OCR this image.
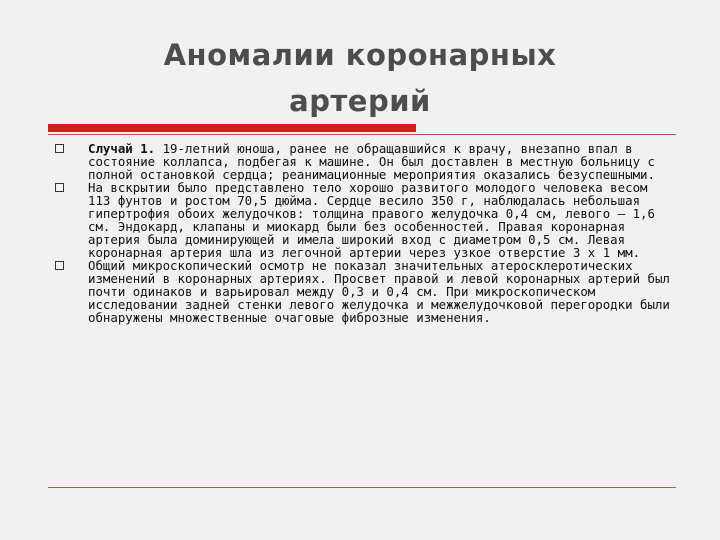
Аномалии коронарных
артерий
Случай 1. 19-летний юноша, ранее не обращавшийся к врачу, внезапно впал в состояние коллапса, подбегая к машине. Он был доставлен в местную больницу с полной остановкой сердца; реанимационные мероприятия оказались безуспешными.
На вскрытии было представлено тело хорошо развитого молодого человека весом 113 фунтов и ростом 70,5 дюйма. Сердце весило 350 г, наблюдалась небольшая гипертрофия обоих желудочков: толщина правого желудочка 0,4 см, левого – 1,6 см. Эндокард, клапаны и миокард были без особенностей. Правая коронарная артерия была доминирующей и имела широкий вход с диаметром 0,5 см. Левая коронарная артерия шла из легочной артерии через узкое отверстие 3 х 1 мм.
Общий микроскопический осмотр не показал значительных атеросклеротических изменений в коронарных артериях. Просвет правой и левой коронарных артерий был почти одинаков и варьировал между 0,3 и 0,4 см. При микроскопическом исследовании задней стенки левого желудочка и межжелудочковой перегородки были обнаружены множественные очаговые фиброзные изменения.
